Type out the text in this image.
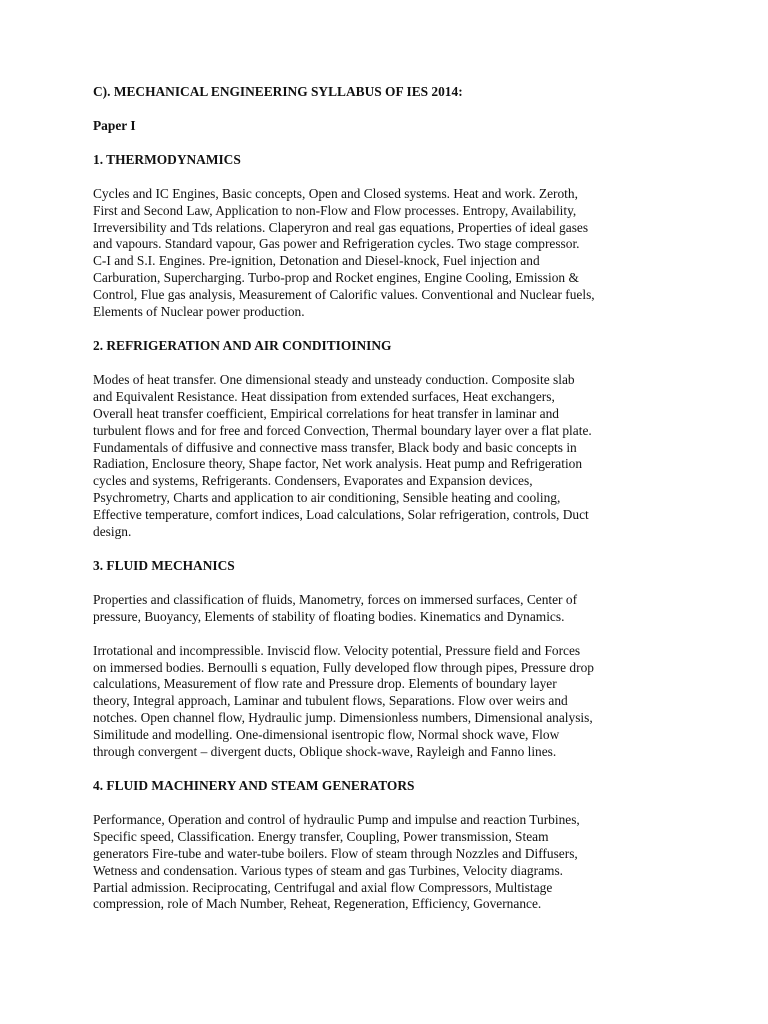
C). MECHANICAL ENGINEERING SYLLABUS OF IES 2014:

Paper I

1. THERMODYNAMICS

Cycles and IC Engines, Basic concepts, Open and Closed systems. Heat and work. Zeroth,
First and Second Law, Application to non-Flow and Flow processes. Entropy, Availability,
Irreversibility and Tds relations. Claperyron and real gas equations, Properties of ideal gases
and vapours. Standard vapour, Gas power and Refrigeration cycles. Two stage compressor.
C-I and S.I. Engines. Pre-ignition, Detonation and Diesel-knock, Fuel injection and
Carburation, Supercharging. Turbo-prop and Rocket engines, Engine Cooling, Emission &
Control, Flue gas analysis, Measurement of Calorific values. Conventional and Nuclear fuels,
Elements of Nuclear power production.

2. REFRIGERATION AND AIR CONDITIOINING

Modes of heat transfer. One dimensional steady and unsteady conduction. Composite slab
and Equivalent Resistance. Heat dissipation from extended surfaces, Heat exchangers,
Overall heat transfer coefficient, Empirical correlations for heat transfer in laminar and
turbulent flows and for free and forced Convection, Thermal boundary layer over a flat plate.
Fundamentals of diffusive and connective mass transfer, Black body and basic concepts in
Radiation, Enclosure theory, Shape factor, Net work analysis. Heat pump and Refrigeration
cycles and systems, Refrigerants. Condensers, Evaporates and Expansion devices,
Psychrometry, Charts and application to air conditioning, Sensible heating and cooling,
Effective temperature, comfort indices, Load calculations, Solar refrigeration, controls, Duct
design.

3. FLUID MECHANICS

Properties and classification of fluids, Manometry, forces on immersed surfaces, Center of
pressure, Buoyancy, Elements of stability of floating bodies. Kinematics and Dynamics.

Irrotational and incompressible. Inviscid flow. Velocity potential, Pressure field and Forces
on immersed bodies. Bernoulli s equation, Fully developed flow through pipes, Pressure drop
calculations, Measurement of flow rate and Pressure drop. Elements of boundary layer
theory, Integral approach, Laminar and tubulent flows, Separations. Flow over weirs and
notches. Open channel flow, Hydraulic jump. Dimensionless numbers, Dimensional analysis,
Similitude and modelling. One-dimensional isentropic flow, Normal shock wave, Flow
through convergent – divergent ducts, Oblique shock-wave, Rayleigh and Fanno lines.

4. FLUID MACHINERY AND STEAM GENERATORS

Performance, Operation and control of hydraulic Pump and impulse and reaction Turbines,
Specific speed, Classification. Energy transfer, Coupling, Power transmission, Steam
generators Fire-tube and water-tube boilers. Flow of steam through Nozzles and Diffusers,
Wetness and condensation. Various types of steam and gas Turbines, Velocity diagrams.
Partial admission. Reciprocating, Centrifugal and axial flow Compressors, Multistage
compression, role of Mach Number, Reheat, Regeneration, Efficiency, Governance.
